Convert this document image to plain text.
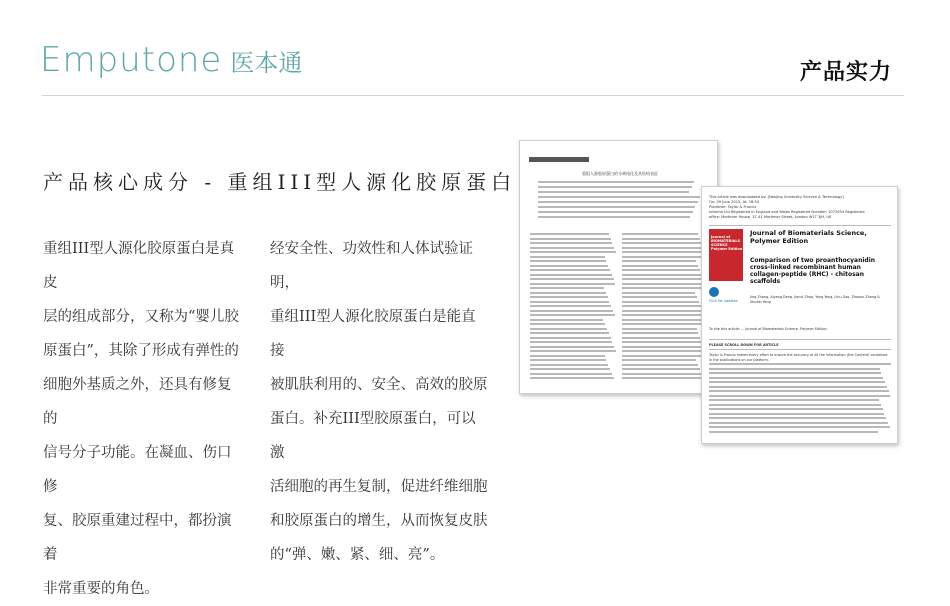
Emputone 医本通	产品实力
产品核心成分 - 重组III型人源化胶原蛋白
重组III型人源化胶原蛋白是真皮
层的组成部分，又称为“婴儿胶
原蛋白”，其除了形成有弹性的
细胞外基质之外，还具有修复的
信号分子功能。在凝血、伤口修
复、胶原重建过程中，都扮演着
非常重要的角色。
经安全性、功效性和人体试验证明，
重组III型人源化胶原蛋白是能直接
被肌肤利用的、安全、高效的胶原
蛋白。补充III型胶原蛋白，可以激
活细胞的再生复制，促进纤维细胞
和胶原蛋白的增生，从而恢复皮肤
的“弹、嫩、紧、细、亮”。
重组人源胶原蛋白的分离纯化及其结构表征
This article was downloaded by: [Nanjing University Science & Technology]
On: 09 June 2015, At: 18:53
Publisher: Taylor & Francis
Informa Ltd Registered in England and Wales Registered Number: 1072954 Registered
office: Mortimer House, 37-41 Mortimer Street, London W1T 3JH, UK
Journal of
BIOMATERIALS
SCIENCE
Polymer Edition
Click for updates
Journal of Biomaterials Science, Polymer Edition
Comparison of two proanthocyanidin cross-linked recombinant human collagen-peptide (RHC) - chitosan scaffolds
Jing Zhang, Aiyang Deng, Jianxi Zhao, Yang Yang, Lihu Gao, Zhaoxu Zhang & Shubin Yang
To cite this article: ... Journal of Biomaterials Science, Polymer Edition
PLEASE SCROLL DOWN FOR ARTICLE
Taylor & Francis makes every effort to ensure the accuracy of all the information (the Content) contained in the publications on our platform.
